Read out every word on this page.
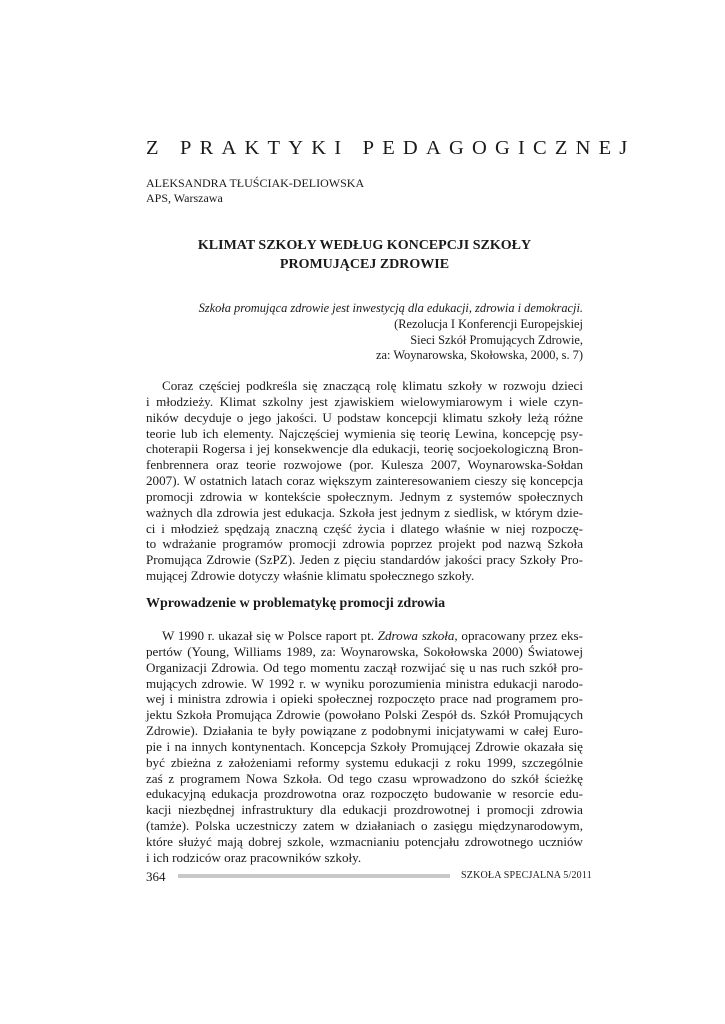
Z PRAKTYKI PEDAGOGICZNEJ
ALEKSANDRA TŁUŚCIAK-DELIOWSKA
APS, Warszawa
KLIMAT SZKOŁY WEDŁUG KONCEPCJI SZKOŁY
PROMUJĄCEJ ZDROWIE
Szkoła promująca zdrowie jest inwestycją dla edukacji, zdrowia i demokracji.
(Rezolucja I Konferencji Europejskiej
Sieci Szkół Promujących Zdrowie,
za: Woynarowska, Skołowska, 2000, s. 7)
Coraz częściej podkreśla się znaczącą rolę klimatu szkoły w rozwoju dzieci
i młodzieży. Klimat szkolny jest zjawiskiem wielowymiarowym i wiele czyn-
ników decyduje o jego jakości. U podstaw koncepcji klimatu szkoły leżą różne
teorie lub ich elementy. Najczęściej wymienia się teorię Lewina, koncepcję psy-
choterapii Rogersa i jej konsekwencje dla edukacji, teorię socjoekologiczną Bron-
fenbrennera oraz teorie rozwojowe (por. Kulesza 2007, Woynarowska-Sołdan
2007). W ostatnich latach coraz większym zainteresowaniem cieszy się koncepcja
promocji zdrowia w kontekście społecznym. Jednym z systemów społecznych
ważnych dla zdrowia jest edukacja. Szkoła jest jednym z siedlisk, w którym dzie-
ci i młodzież spędzają znaczną część życia i dlatego właśnie w niej rozpoczę-
to wdrażanie programów promocji zdrowia poprzez projekt pod nazwą Szkoła
Promująca Zdrowie (SzPZ). Jeden z pięciu standardów jakości pracy Szkoły Pro-
mującej Zdrowie dotyczy właśnie klimatu społecznego szkoły.
Wprowadzenie w problematykę promocji zdrowia
W 1990 r. ukazał się w Polsce raport pt. Zdrowa szkoła, opracowany przez eks-
pertów (Young, Williams 1989, za: Woynarowska, Sokołowska 2000) Światowej
Organizacji Zdrowia. Od tego momentu zaczął rozwijać się u nas ruch szkół pro-
mujących zdrowie. W 1992 r. w wyniku porozumienia ministra edukacji narodo-
wej i ministra zdrowia i opieki społecznej rozpoczęto prace nad programem pro-
jektu Szkoła Promująca Zdrowie (powołano Polski Zespół ds. Szkół Promujących
Zdrowie). Działania te były powiązane z podobnymi inicjatywami w całej Euro-
pie i na innych kontynentach. Koncepcja Szkoły Promującej Zdrowie okazała się
być zbieżna z założeniami reformy systemu edukacji z roku 1999, szczególnie
zaś z programem Nowa Szkoła. Od tego czasu wprowadzono do szkół ścieżkę
edukacyjną edukacja prozdrowotna oraz rozpoczęto budowanie w resorcie edu-
kacji niezbędnej infrastruktury dla edukacji prozdrowotnej i promocji zdrowia
(tamże). Polska uczestniczy zatem w działaniach o zasięgu międzynarodowym,
które służyć mają dobrej szkole, wzmacnianiu potencjału zdrowotnego uczniów
i ich rodziców oraz pracowników szkoły.
364	SZKOŁA SPECJALNA 5/2011
